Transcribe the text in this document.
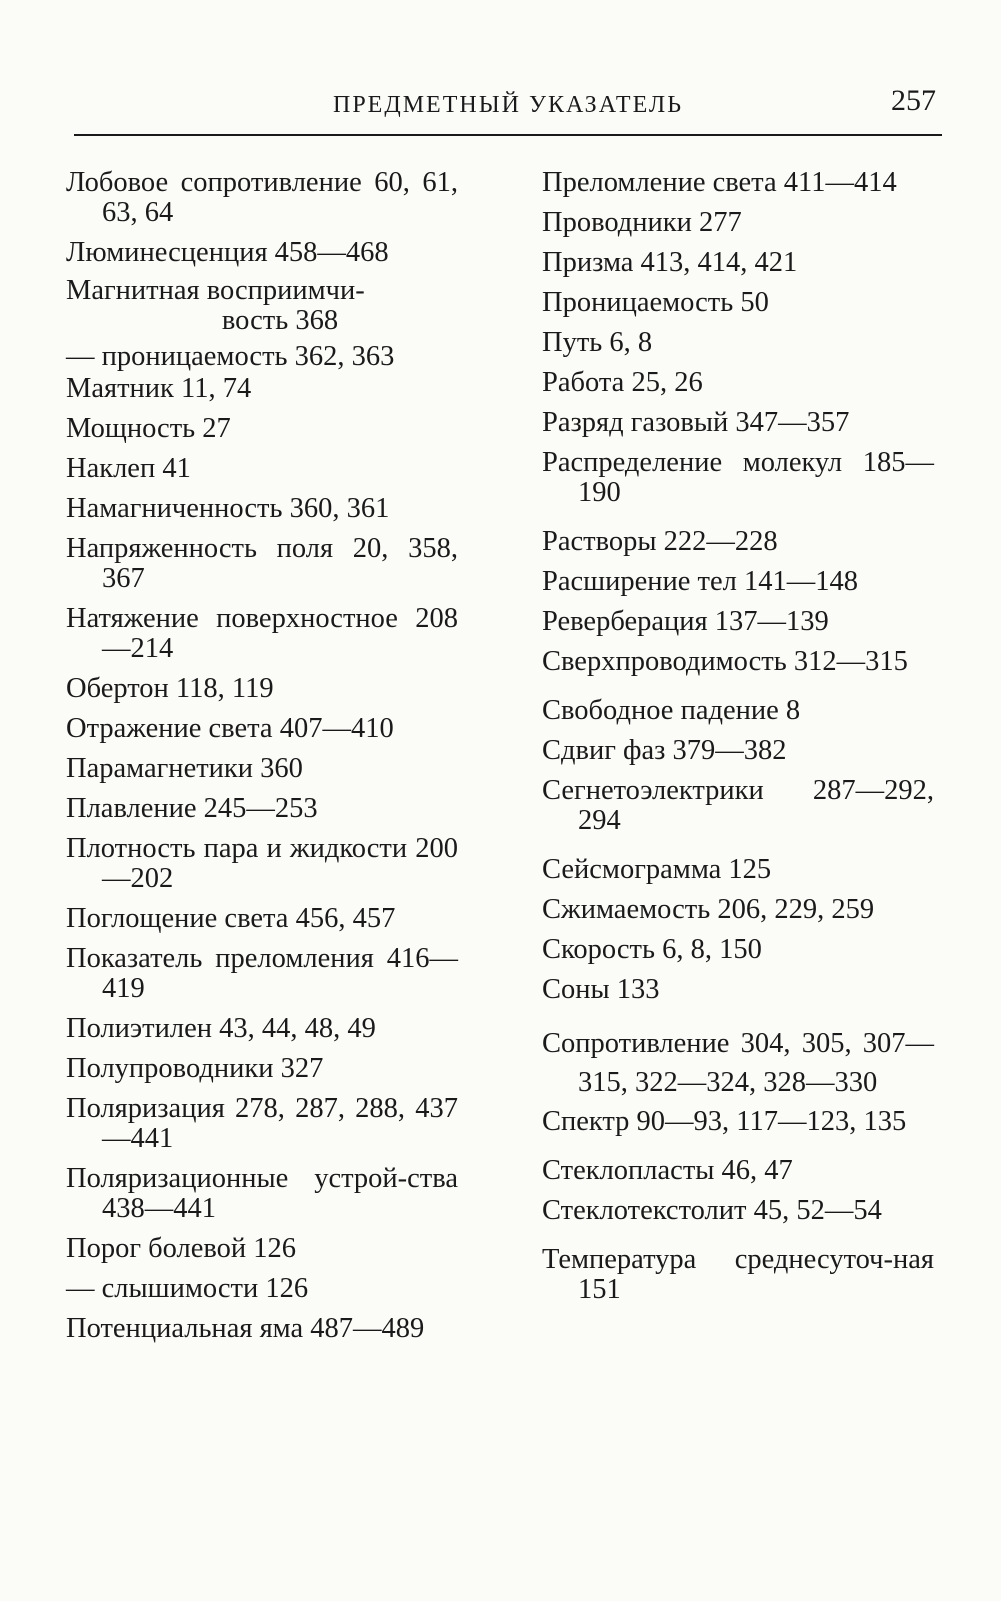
ПРЕДМЕТНЫЙ УКАЗАТЕЛЬ	257
Лобовое сопротивление 60, 61, 63, 64
Люминесценция 458—468
Магнитная восприимчи-
вость 368
— проницаемость 362, 363
Маятник 11, 74
Мощность 27
Наклеп 41
Намагниченность 360, 361
Напряженность поля 20, 358, 367
Натяжение поверхностное 208—214
Обертон 118, 119
Отражение света 407—410
Парамагнетики 360
Плавление 245—253
Плотность пара и жидкости 200—202
Поглощение света 456, 457
Показатель преломления 416—419
Полиэтилен 43, 44, 48, 49
Полупроводники 327
Поляризация 278, 287, 288, 437—441
Поляризационные устрой-ства 438—441
Порог болевой 126
— слышимости 126
Потенциальная яма 487—489
Преломление света 411—414
Проводники 277
Призма 413, 414, 421
Проницаемость 50
Путь 6, 8
Работа 25, 26
Разряд газовый 347—357
Распределение молекул 185—190
Растворы 222—228
Расширение тел 141—148
Реверберация 137—139
Сверхпроводимость 312—315
Свободное падение 8
Сдвиг фаз 379—382
Сегнетоэлектрики 287—292, 294
Сейсмограмма 125
Сжимаемость 206, 229, 259
Скорость 6, 8, 150
Соны 133
Сопротивление 304, 305, 307—315, 322—324, 328—330
Спектр 90—93, 117—123, 135
Стеклопласты 46, 47
Стеклотекстолит 45, 52—54
Температура среднесуточ-ная 151
